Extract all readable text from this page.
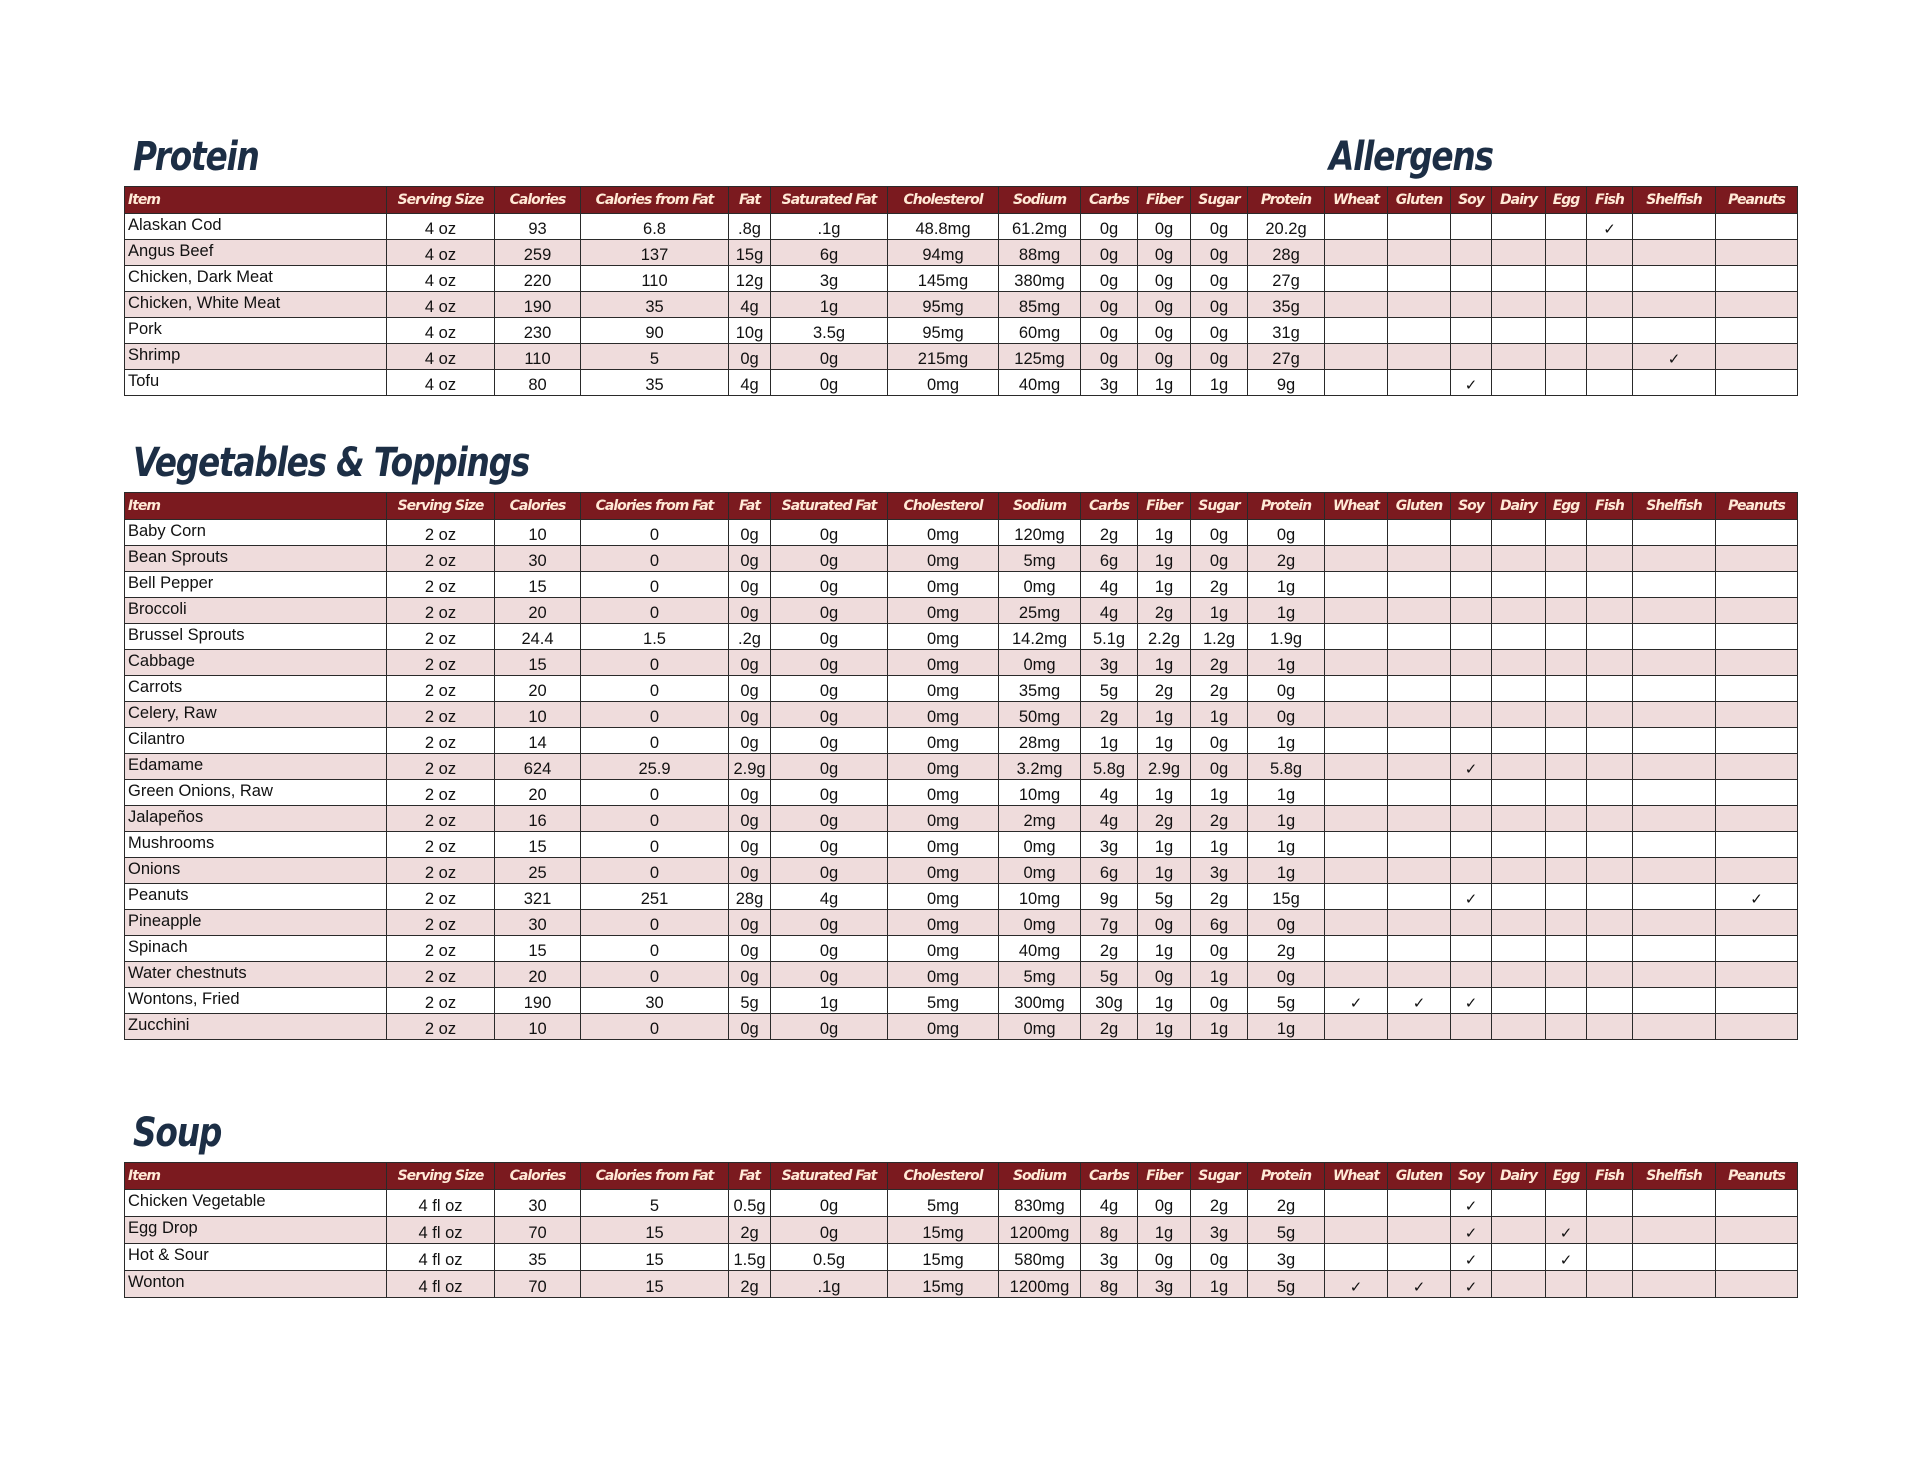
Protein	Allergens
Vegetables & Toppings
Soup
Item	Serving Size	Calories	Calories from Fat	Fat	Saturated Fat	Cholesterol	Sodium	Carbs	Fiber	Sugar	Protein	Wheat	Gluten	Soy	Dairy	Egg	Fish	Shelfish	Peanuts
Alaskan Cod	4 oz	93	6.8	.8g	.1g	48.8mg	61.2mg	0g	0g	0g	20.2g						✓		
Angus Beef	4 oz	259	137	15g	6g	94mg	88mg	0g	0g	0g	28g								
Chicken, Dark Meat	4 oz	220	110	12g	3g	145mg	380mg	0g	0g	0g	27g								
Chicken, White Meat	4 oz	190	35	4g	1g	95mg	85mg	0g	0g	0g	35g								
Pork	4 oz	230	90	10g	3.5g	95mg	60mg	0g	0g	0g	31g								
Shrimp	4 oz	110	5	0g	0g	215mg	125mg	0g	0g	0g	27g							✓	
Tofu	4 oz	80	35	4g	0g	0mg	40mg	3g	1g	1g	9g			✓					
Item	Serving Size	Calories	Calories from Fat	Fat	Saturated Fat	Cholesterol	Sodium	Carbs	Fiber	Sugar	Protein	Wheat	Gluten	Soy	Dairy	Egg	Fish	Shelfish	Peanuts
Baby Corn	2 oz	10	0	0g	0g	0mg	120mg	2g	1g	0g	0g								
Bean Sprouts	2 oz	30	0	0g	0g	0mg	5mg	6g	1g	0g	2g								
Bell Pepper	2 oz	15	0	0g	0g	0mg	0mg	4g	1g	2g	1g								
Broccoli	2 oz	20	0	0g	0g	0mg	25mg	4g	2g	1g	1g								
Brussel Sprouts	2 oz	24.4	1.5	.2g	0g	0mg	14.2mg	5.1g	2.2g	1.2g	1.9g								
Cabbage	2 oz	15	0	0g	0g	0mg	0mg	3g	1g	2g	1g								
Carrots	2 oz	20	0	0g	0g	0mg	35mg	5g	2g	2g	0g								
Celery, Raw	2 oz	10	0	0g	0g	0mg	50mg	2g	1g	1g	0g								
Cilantro	2 oz	14	0	0g	0g	0mg	28mg	1g	1g	0g	1g								
Edamame	2 oz	624	25.9	2.9g	0g	0mg	3.2mg	5.8g	2.9g	0g	5.8g			✓					
Green Onions, Raw	2 oz	20	0	0g	0g	0mg	10mg	4g	1g	1g	1g								
Jalapeños	2 oz	16	0	0g	0g	0mg	2mg	4g	2g	2g	1g								
Mushrooms	2 oz	15	0	0g	0g	0mg	0mg	3g	1g	1g	1g								
Onions	2 oz	25	0	0g	0g	0mg	0mg	6g	1g	3g	1g								
Peanuts	2 oz	321	251	28g	4g	0mg	10mg	9g	5g	2g	15g			✓					✓
Pineapple	2 oz	30	0	0g	0g	0mg	0mg	7g	0g	6g	0g								
Spinach	2 oz	15	0	0g	0g	0mg	40mg	2g	1g	0g	2g								
Water chestnuts	2 oz	20	0	0g	0g	0mg	5mg	5g	0g	1g	0g								
Wontons, Fried	2 oz	190	30	5g	1g	5mg	300mg	30g	1g	0g	5g	✓	✓	✓					
Zucchini	2 oz	10	0	0g	0g	0mg	0mg	2g	1g	1g	1g								
Item	Serving Size	Calories	Calories from Fat	Fat	Saturated Fat	Cholesterol	Sodium	Carbs	Fiber	Sugar	Protein	Wheat	Gluten	Soy	Dairy	Egg	Fish	Shelfish	Peanuts
Chicken Vegetable	4 fl oz	30	5	0.5g	0g	5mg	830mg	4g	0g	2g	2g			✓					
Egg Drop	4 fl oz	70	15	2g	0g	15mg	1200mg	8g	1g	3g	5g			✓		✓			
Hot & Sour	4 fl oz	35	15	1.5g	0.5g	15mg	580mg	3g	0g	0g	3g			✓		✓			
Wonton	4 fl oz	70	15	2g	.1g	15mg	1200mg	8g	3g	1g	5g	✓	✓	✓					
